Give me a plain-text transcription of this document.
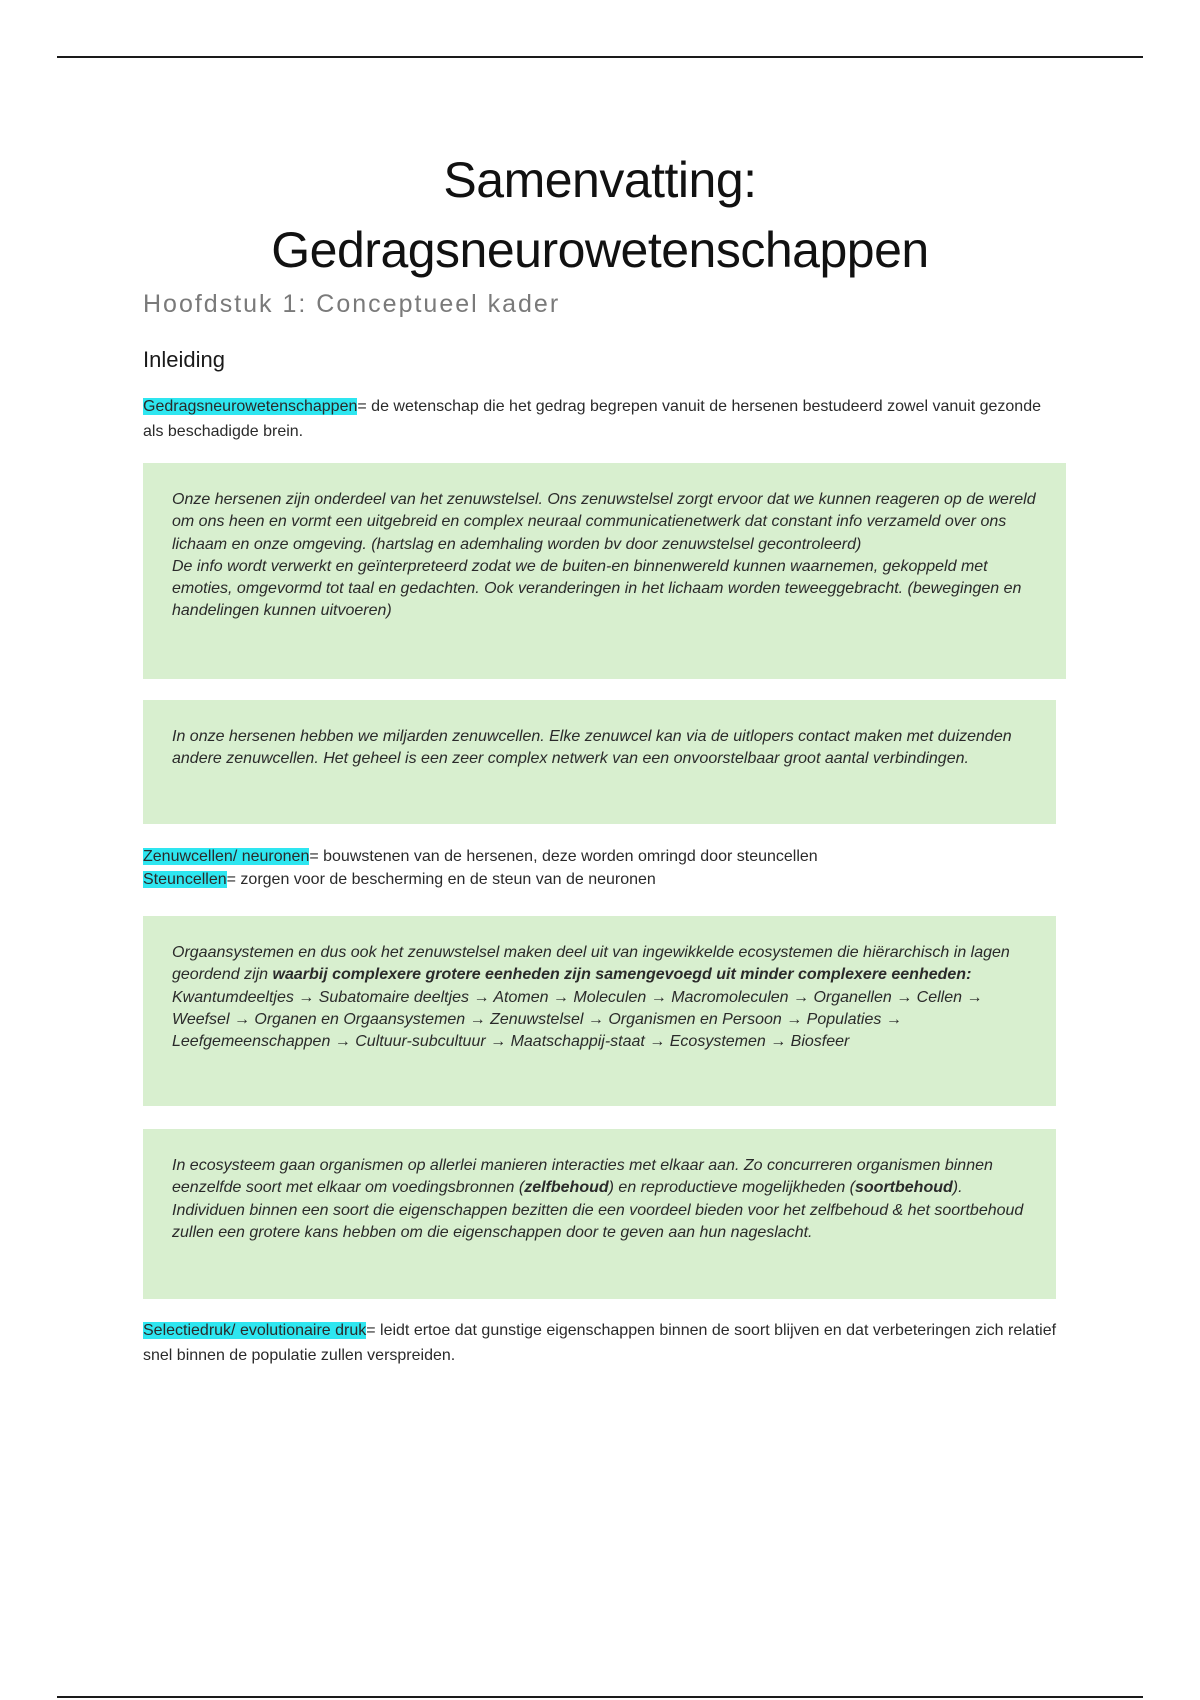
Samenvatting:
Gedragsneurowetenschappen
Hoofdstuk 1: Conceptueel kader
Inleiding
Gedragsneurowetenschappen= de wetenschap die het gedrag begrepen vanuit de hersenen bestudeerd zowel vanuit gezonde als beschadigde brein.

Onze hersenen zijn onderdeel van het zenuwstelsel. Ons zenuwstelsel zorgt ervoor dat we kunnen reageren op de wereld om ons heen en vormt een uitgebreid en complex neuraal communicatienetwerk dat constant info verzameld over ons lichaam en onze omgeving. (hartslag en ademhaling worden bv door zenuwstelsel gecontroleerd)

De info wordt verwerkt en geïnterpreteerd zodat we de buiten-en binnenwereld kunnen waarnemen, gekoppeld met emoties, omgevormd tot taal en gedachten. Ook veranderingen in het lichaam worden teweeggebracht. (bewegingen en handelingen kunnen uitvoeren)

In onze hersenen hebben we miljarden zenuwcellen. Elke zenuwcel kan via de uitlopers contact maken met duizenden andere zenuwcellen. Het geheel is een zeer complex netwerk van een onvoorstelbaar groot aantal verbindingen.

Zenuwcellen/ neuronen= bouwstenen van de hersenen, deze worden omringd door steuncellen
Steuncellen= zorgen voor de bescherming en de steun van de neuronen

Orgaansystemen en dus ook het zenuwstelsel maken deel uit van ingewikkelde ecosystemen die hiërarchisch in lagen geordend zijn waarbij complexere grotere eenheden zijn samengevoegd uit minder complexere eenheden:

Kwantumdeeltjes → Subatomaire deeltjes → Atomen → Moleculen → Macromoleculen → Organellen → Cellen → Weefsel → Organen en Orgaansystemen → Zenuwstelsel → Organismen en Persoon → Populaties → Leefgemeenschappen → Cultuur-subcultuur → Maatschappij-staat → Ecosystemen → Biosfeer

In ecosysteem gaan organismen op allerlei manieren interacties met elkaar aan. Zo concurreren organismen binnen eenzelfde soort met elkaar om voedingsbronnen (zelfbehoud) en reproductieve mogelijkheden (soortbehoud). Individuen binnen een soort die eigenschappen bezitten die een voordeel bieden voor het zelfbehoud & het soortbehoud zullen een grotere kans hebben om die eigenschappen door te geven aan hun nageslacht.

Selectiedruk/ evolutionaire druk= leidt ertoe dat gunstige eigenschappen binnen de soort blijven en dat verbeteringen zich relatief snel binnen de populatie zullen verspreiden.
